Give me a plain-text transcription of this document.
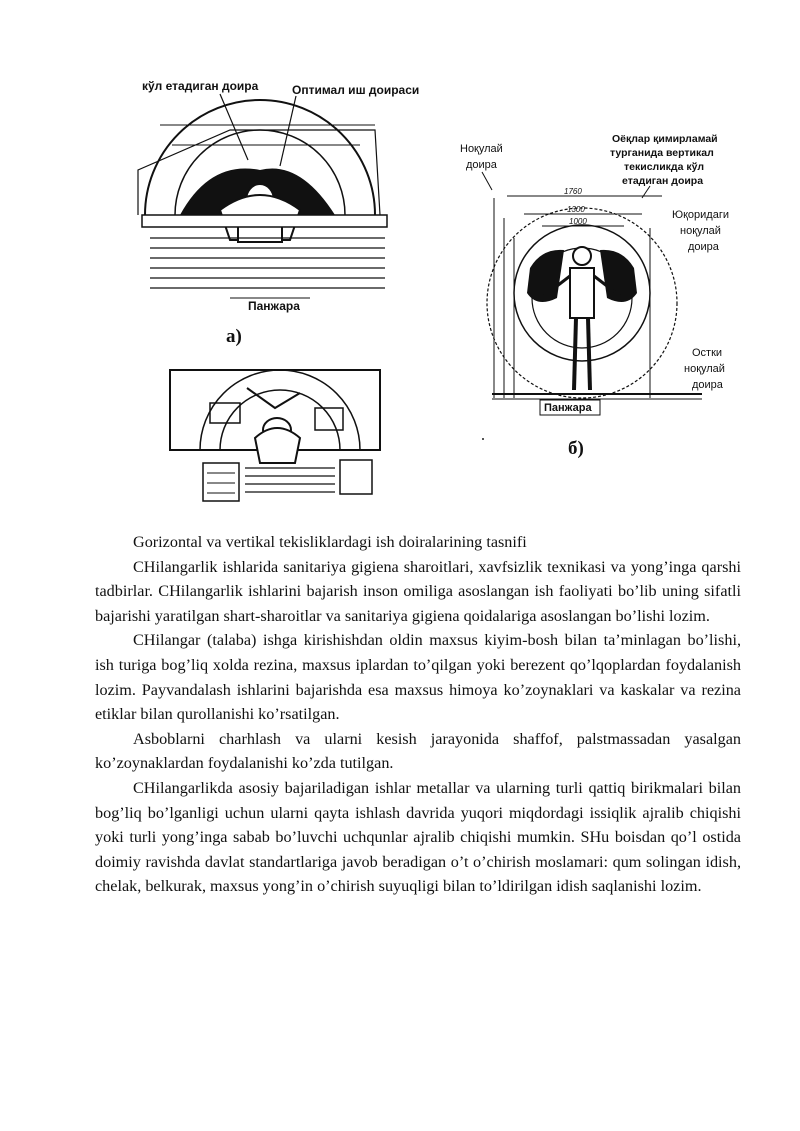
кўл етадиган доира	Оптимал иш доираси
Панжара
а)
Ноқулай доира
Оёқлар қимирламай турганида вертикал текисликда кўл етадиган доира
Юқоридаги ноқулай доира
Остки ноқулай доира
1760
1300
1000
Панжара
б)

Gorizontal va vertikal tekisliklardagi ish doiralarining tasnifi

CHilangarlik ishlarida sanitariya gigiena sharoitlari, xavfsizlik texnikasi va yong’inga qarshi tadbirlar. CHilangarlik ishlarini bajarish inson omiliga asoslangan ish faoliyati bo’lib uning sifatli bajarishi yaratilgan shart-sharoitlar va sanitariya gigiena qoidalariga asoslangan bo’lishi lozim.

CHilangar (talaba) ishga kirishishdan oldin maxsus kiyim-bosh bilan ta’minlagan bo’lishi, ish turiga bog’liq xolda rezina, maxsus iplardan to’qilgan yoki berezent qo’lqoplardan foydalanish lozim. Payvandalash ishlarini bajarishda esa maxsus himoya ko’zoynaklari va kaskalar va rezina etiklar bilan qurollanishi ko’rsatilgan.

Asboblarni charhlash va ularni kesish jarayonida shaffof, palstmassadan yasalgan ko’zoynaklardan foydalanishi ko’zda tutilgan.

CHilangarlikda asosiy bajariladigan ishlar metallar va ularning turli qattiq birikmalari bilan bog’liq bo’lganligi uchun ularni qayta ishlash davrida yuqori miqdordagi issiqlik ajralib chiqishi yoki turli yong’inga sabab bo’luvchi uchqunlar ajralib chiqishi mumkin. SHu boisdan qo’l ostida doimiy ravishda davlat standartlariga javob beradigan o’t o’chirish moslamari: qum solingan idish, chelak, belkurak, maxsus yong’in o’chirish suyuqligi bilan to’ldirilgan idish saqlanishi lozim.
